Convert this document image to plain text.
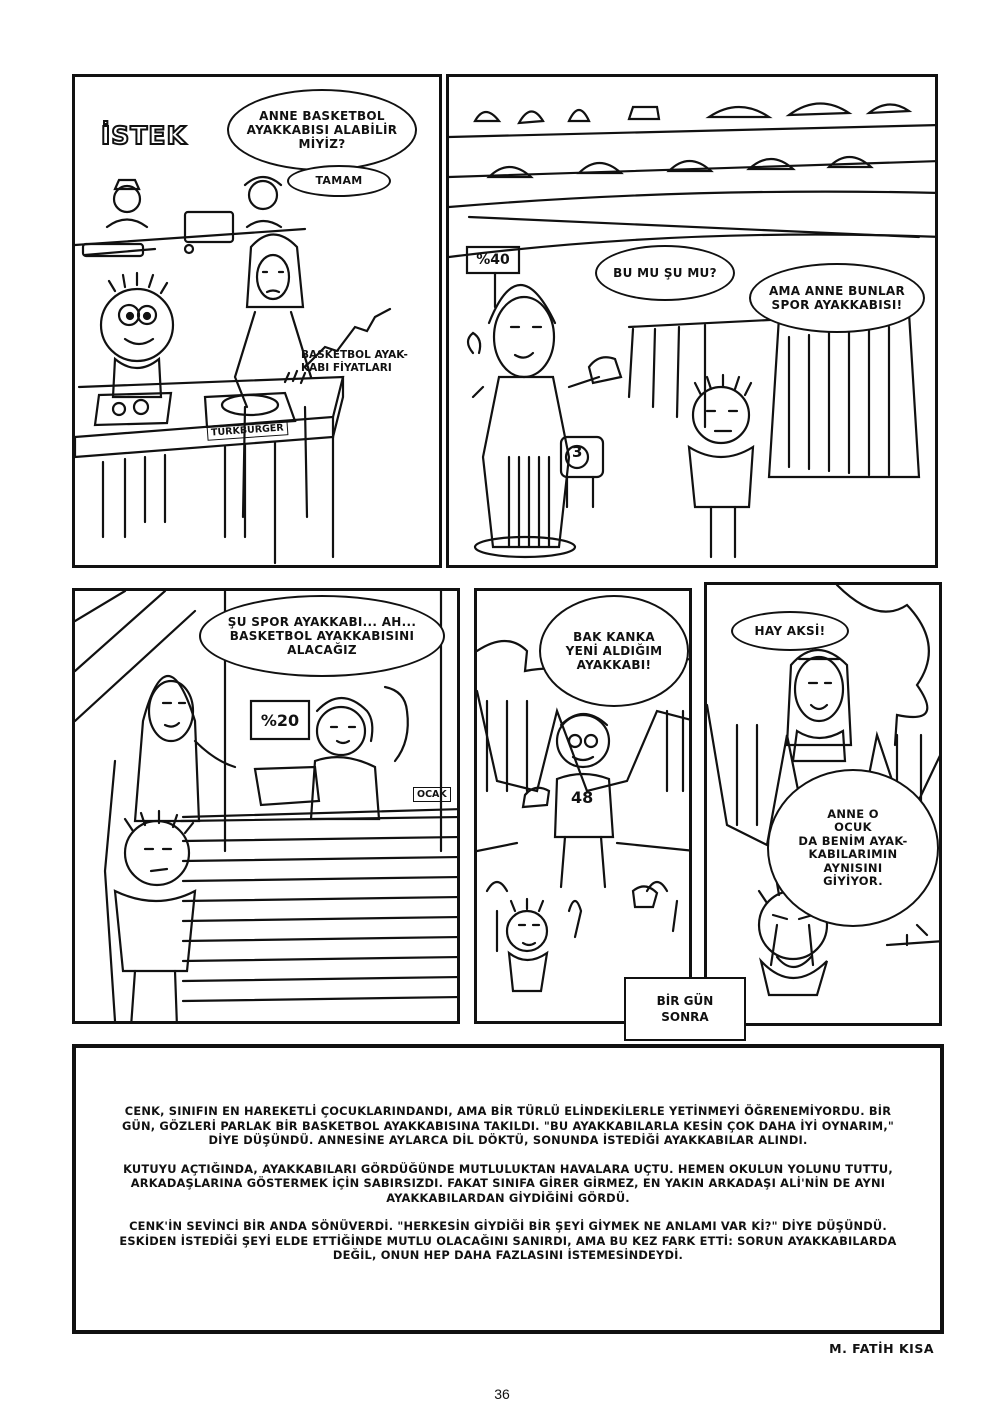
İSTEK
ANNE BASKETBOL
AYAKKABISI ALABİLİR
MİYİZ?
TAMAM
BASKETBOL AYAK-
KABI FİYATLARI
TÜRKBURGER
%40
BU MU ŞU MU?
AMA ANNE BUNLAR
SPOR AYAKKABISI!
3
ŞU SPOR AYAKKABI... AH...
BASKETBOL AYAKKABISINI
ALACAĞIZ
%20
OCAK
BAK KANKA
YENİ ALDIĞIM
AYAKKABI!
48
HAY AKSİ!
ANNE O
OCUK
DA BENİM AYAK-
KABILARIMIN
AYNISINI
GİYİYOR.
BİR GÜN
SONRA

CENK, SINIFIN EN HAREKETLİ ÇOCUKLARINDANDI, AMA BİR TÜRLÜ ELİNDEKİLERLE YETİNMEYİ ÖĞRENEMİYORDU. BİR GÜN, GÖZLERİ PARLAK BİR BASKETBOL AYAKKABISINA TAKILDI. "BU AYAKKABILARLA KESİN ÇOK DAHA İYİ OYNARIM," DİYE DÜŞÜNDÜ. ANNESİNE AYLARCA DİL DÖKTÜ, SONUNDA İSTEDİĞİ AYAKKABILAR ALINDI.

KUTUYU AÇTIĞINDA, AYAKKABILARI GÖRDÜĞÜNDE MUTLULUKTAN HAVALARA UÇTU. HEMEN OKULUN YOLUNU TUTTU, ARKADAŞLARINA GÖSTERMEK İÇİN SABIRSIZDI. FAKAT SINIFA GİRER GİRMEZ, EN YAKIN ARKADAŞI ALİ'NİN DE AYNI AYAKKABILARDAN GİYDİĞİNİ GÖRDÜ.

CENK'İN SEVİNCİ BİR ANDA SÖNÜVERDİ. "HERKESİN GİYDİĞİ BİR ŞEYİ GİYMEK NE ANLAMI VAR Kİ?" DİYE DÜŞÜNDÜ. ESKİDEN İSTEDİĞİ ŞEYİ ELDE ETTİĞİNDE MUTLU OLACAĞINI SANIRDI, AMA BU KEZ FARK ETTİ: SORUN AYAKKABILARDA DEĞİL, ONUN HEP DAHA FAZLASINI İSTEMESİNDEYDİ.

M. FATİH KISA
36
